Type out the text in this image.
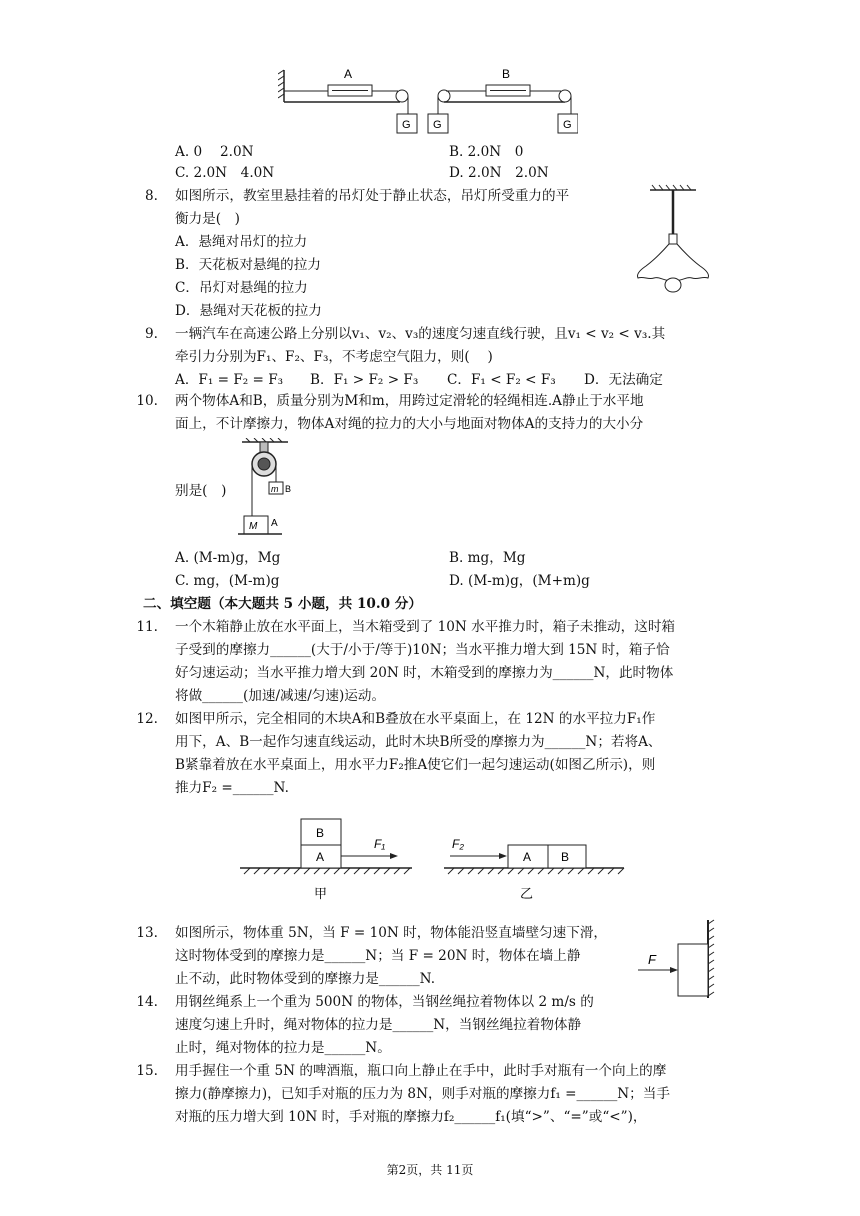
A	B
G G	G
A. 0　 2.0N	B. 2.0N　0
C. 2.0N　4.0N	D. 2.0N　2.0N
8. 如图所示，教室里悬挂着的吊灯处于静止状态，吊灯所受重力的平
衡力是(　)
A．悬绳对吊灯的拉力
B．天花板对悬绳的拉力
C．吊灯对悬绳的拉力
D．悬绳对天花板的拉力
9. 一辆汽车在高速公路上分别以v₁、v₂、v₃的速度匀速直线行驶，且v₁ < v₂ < v₃.其
牵引力分别为F₁、F₂、F₃，不考虑空气阻力，则(　 )
A．F₁ = F₂ = F₃ B．F₁ > F₂ > F₃ C．F₁ < F₂ < F₃ D．无法确定
10. 两个物体A和B，质量分别为M和m，用跨过定滑轮的轻绳相连.A静止于水平地
面上，不计摩擦力，物体A对绳的拉力的大小与地面对物体A的支持力的大小分
别是(　)	m B
M A
A. (M-m)g，Mg	B. mg，Mg
C. mg，(M-m)g	D. (M-m)g，(M+m)g
二、填空题（本大题共 5 小题，共 10.0 分）
11. 一个木箱静止放在水平面上，当木箱受到了 10N 水平推力时，箱子未推动，这时箱
子受到的摩擦力______(大于/小于/等于)10N；当水平推力增大到 15N 时，箱子恰
好匀速运动；当水平推力增大到 20N 时，木箱受到的摩擦力为______N，此时物体
将做______(加速/减速/匀速)运动。
12. 如图甲所示，完全相同的木块A和B叠放在水平桌面上，在 12N 的水平拉力F₁作
用下，A、B一起作匀速直线运动，此时木块B所受的摩擦力为______N；若将A、
B紧靠着放在水平桌面上，用水平力F₂推A使它们一起匀速运动(如图乙所示)，则
推力F₂ =______N.
A
B
F₁
甲
A B
F₂
乙
13. 如图所示，物体重 5N，当 F = 10N 时，物体能沿竖直墙壁匀速下滑，
这时物体受到的摩擦力是______N；当 F = 20N 时，物体在墙上静
止不动，此时物体受到的摩擦力是______N.
F
14. 用钢丝绳系上一个重为 500N 的物体，当钢丝绳拉着物体以 2 m/s 的
速度匀速上升时，绳对物体的拉力是______N，当钢丝绳拉着物体静
止时，绳对物体的拉力是______N。
15. 用手握住一个重 5N 的啤酒瓶，瓶口向上静止在手中，此时手对瓶有一个向上的摩
擦力(静摩擦力)，已知手对瓶的压力为 8N，则手对瓶的摩擦力f₁ =______N；当手
对瓶的压力增大到 10N 时，手对瓶的摩擦力f₂______f₁(填“>”、“=”或“<”)，
第2页，共 11页
